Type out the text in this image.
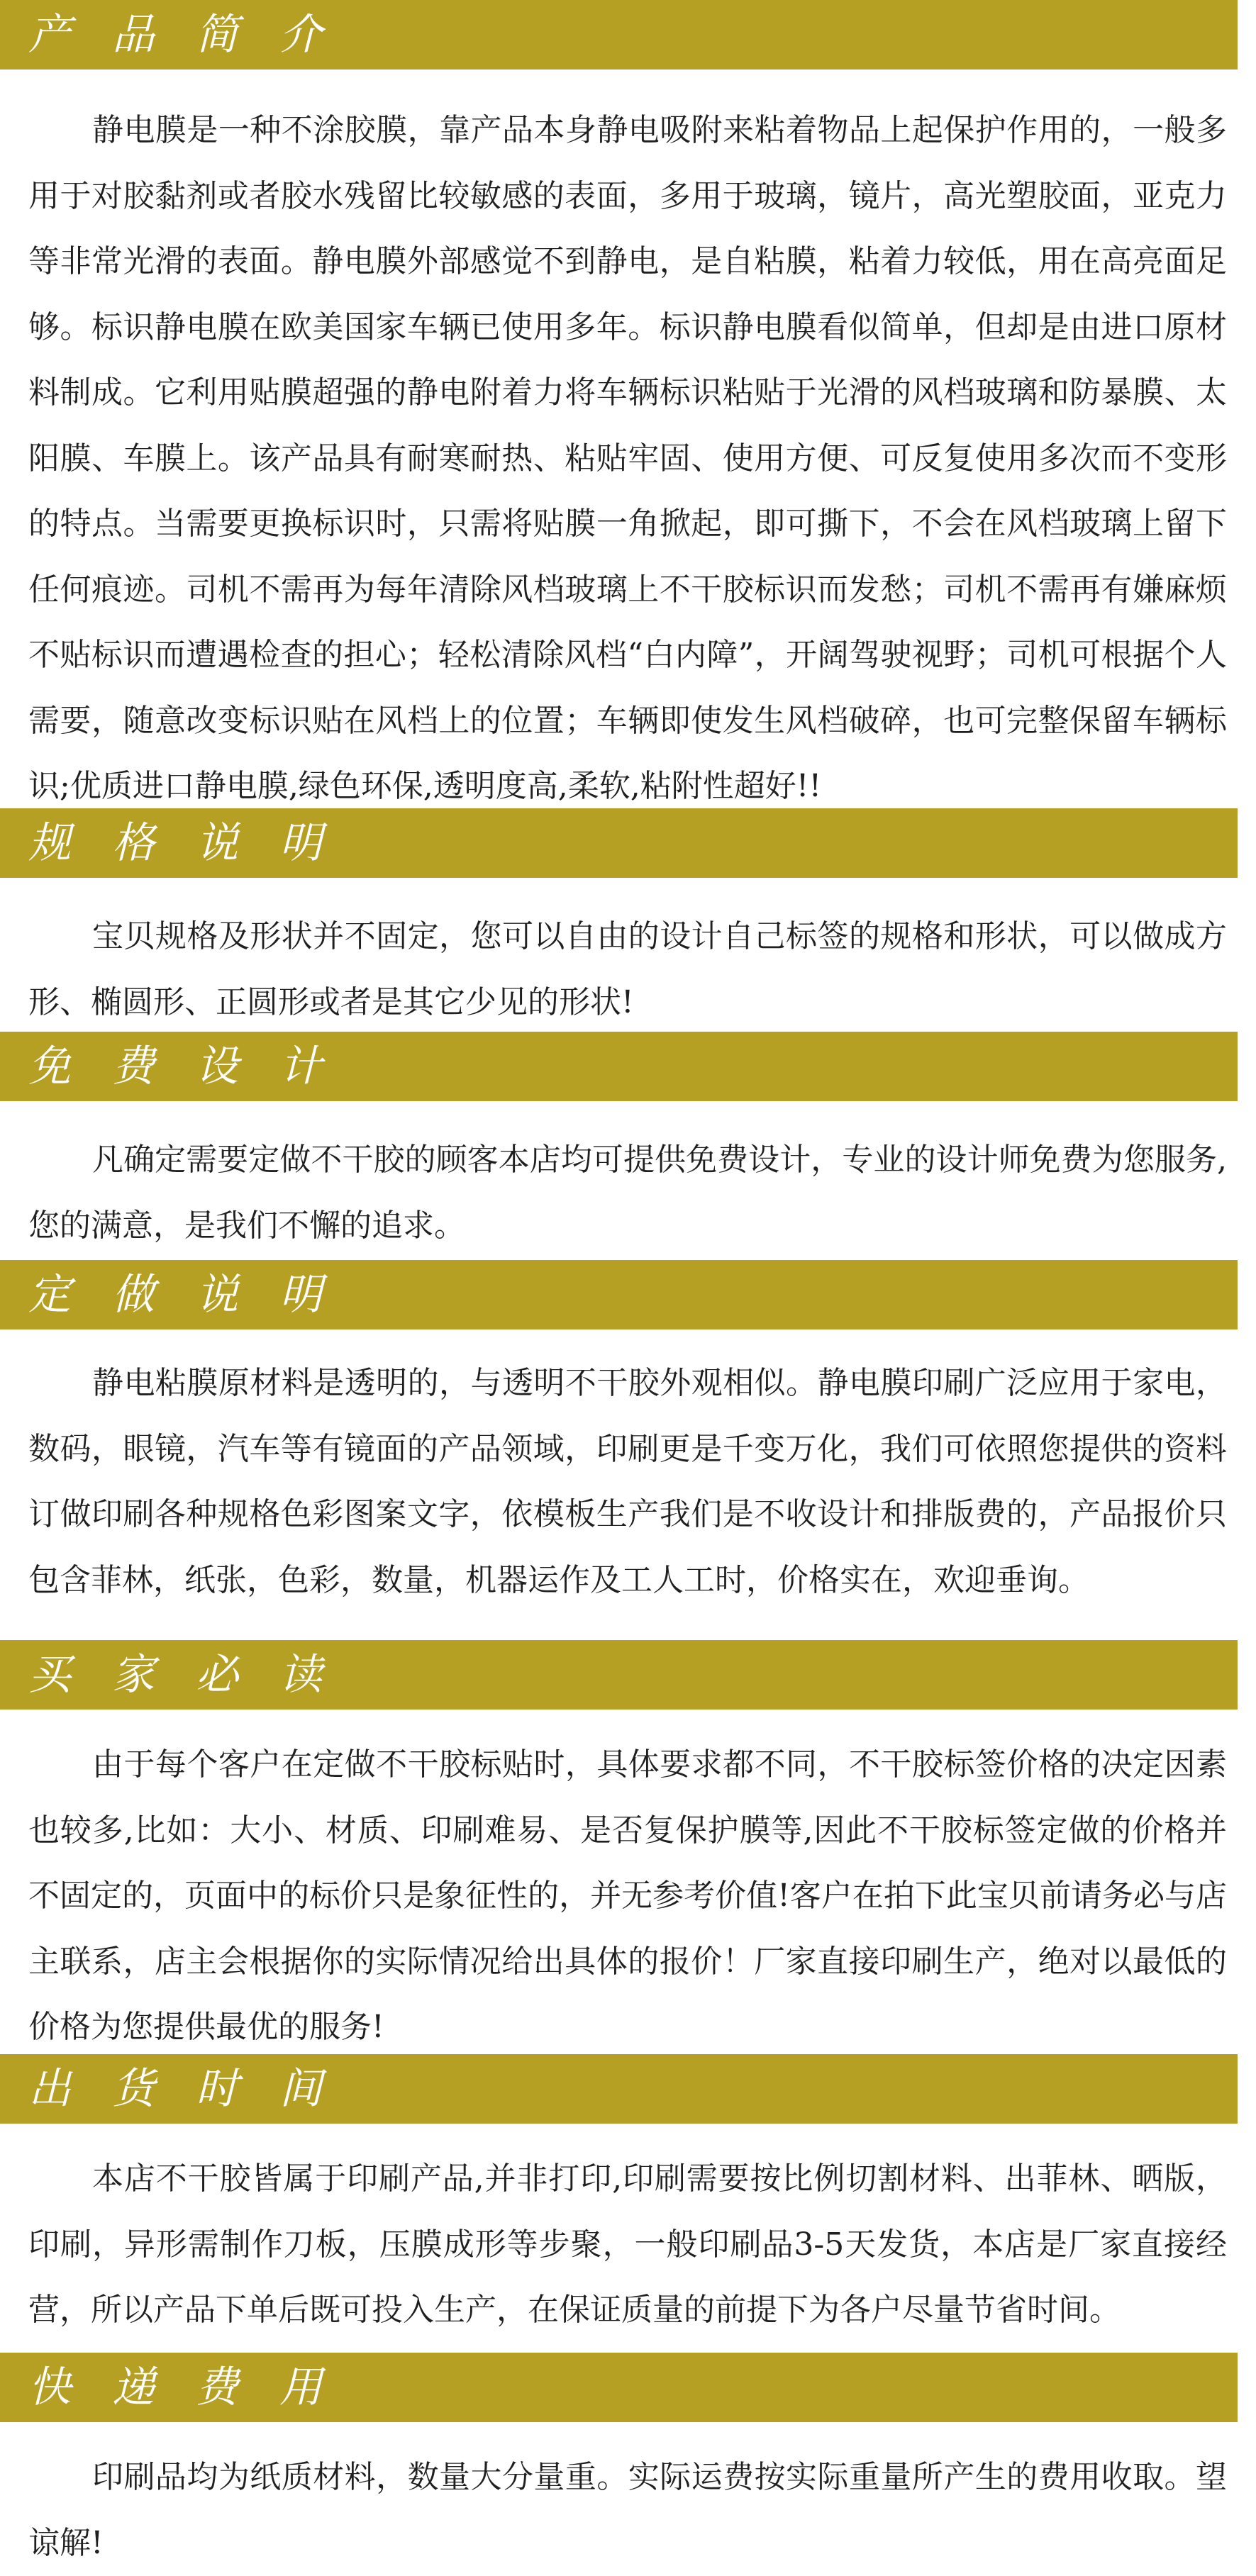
产品简介

静电膜是一种不涂胶膜，靠产品本身静电吸附来粘着物品上起保护作用的，一般多用于对胶黏剂或者胶水残留比较敏感的表面，多用于玻璃，镜片，高光塑胶面，亚克力等非常光滑的表面。静电膜外部感觉不到静电，是自粘膜，粘着力较低，用在高亮面足够。标识静电膜在欧美国家车辆已使用多年。标识静电膜看似简单，但却是由进口原材料制成。它利用贴膜超强的静电附着力将车辆标识粘贴于光滑的风档玻璃和防暴膜、太阳膜、车膜上。该产品具有耐寒耐热、粘贴牢固、使用方便、可反复使用多次而不变形的特点。当需要更换标识时，只需将贴膜一角掀起，即可撕下，不会在风档玻璃上留下任何痕迹。司机不需再为每年清除风档玻璃上不干胶标识而发愁；司机不需再有嫌麻烦不贴标识而遭遇检查的担心；轻松清除风档“白内障”，开阔驾驶视野；司机可根据个人需要，随意改变标识贴在风档上的位置；车辆即使发生风档破碎，也可完整保留车辆标识;优质进口静电膜,绿色环保,透明度高,柔软,粘附性超好!!

规格说明

宝贝规格及形状并不固定，您可以自由的设计自己标签的规格和形状，可以做成方形、椭圆形、正圆形或者是其它少见的形状!

免费设计

凡确定需要定做不干胶的顾客本店均可提供免费设计，专业的设计师免费为您服务,您的满意，是我们不懈的追求。

定做说明

静电粘膜原材料是透明的，与透明不干胶外观相似。静电膜印刷广泛应用于家电，数码，眼镜，汽车等有镜面的产品领域，印刷更是千变万化，我们可依照您提供的资料订做印刷各种规格色彩图案文字，依模板生产我们是不收设计和排版费的，产品报价只包含菲林，纸张，色彩，数量，机器运作及工人工时，价格实在，欢迎垂询。

买家必读

由于每个客户在定做不干胶标贴时，具体要求都不同，不干胶标签价格的决定因素也较多,比如：大小、材质、印刷难易、是否复保护膜等,因此不干胶标签定做的价格并不固定的，页面中的标价只是象征性的，并无参考价值!客户在拍下此宝贝前请务必与店主联系，店主会根据你的实际情况给出具体的报价！厂家直接印刷生产，绝对以最低的价格为您提供最优的服务!

出货时间

本店不干胶皆属于印刷产品,并非打印,印刷需要按比例切割材料、出菲林、晒版，印刷，异形需制作刀板，压膜成形等步聚，一般印刷品3-5天发货，本店是厂家直接经营，所以产品下单后既可投入生产，在保证质量的前提下为各户尽量节省时间。

快递费用

印刷品均为纸质材料，数量大分量重。实际运费按实际重量所产生的费用收取。望谅解!
